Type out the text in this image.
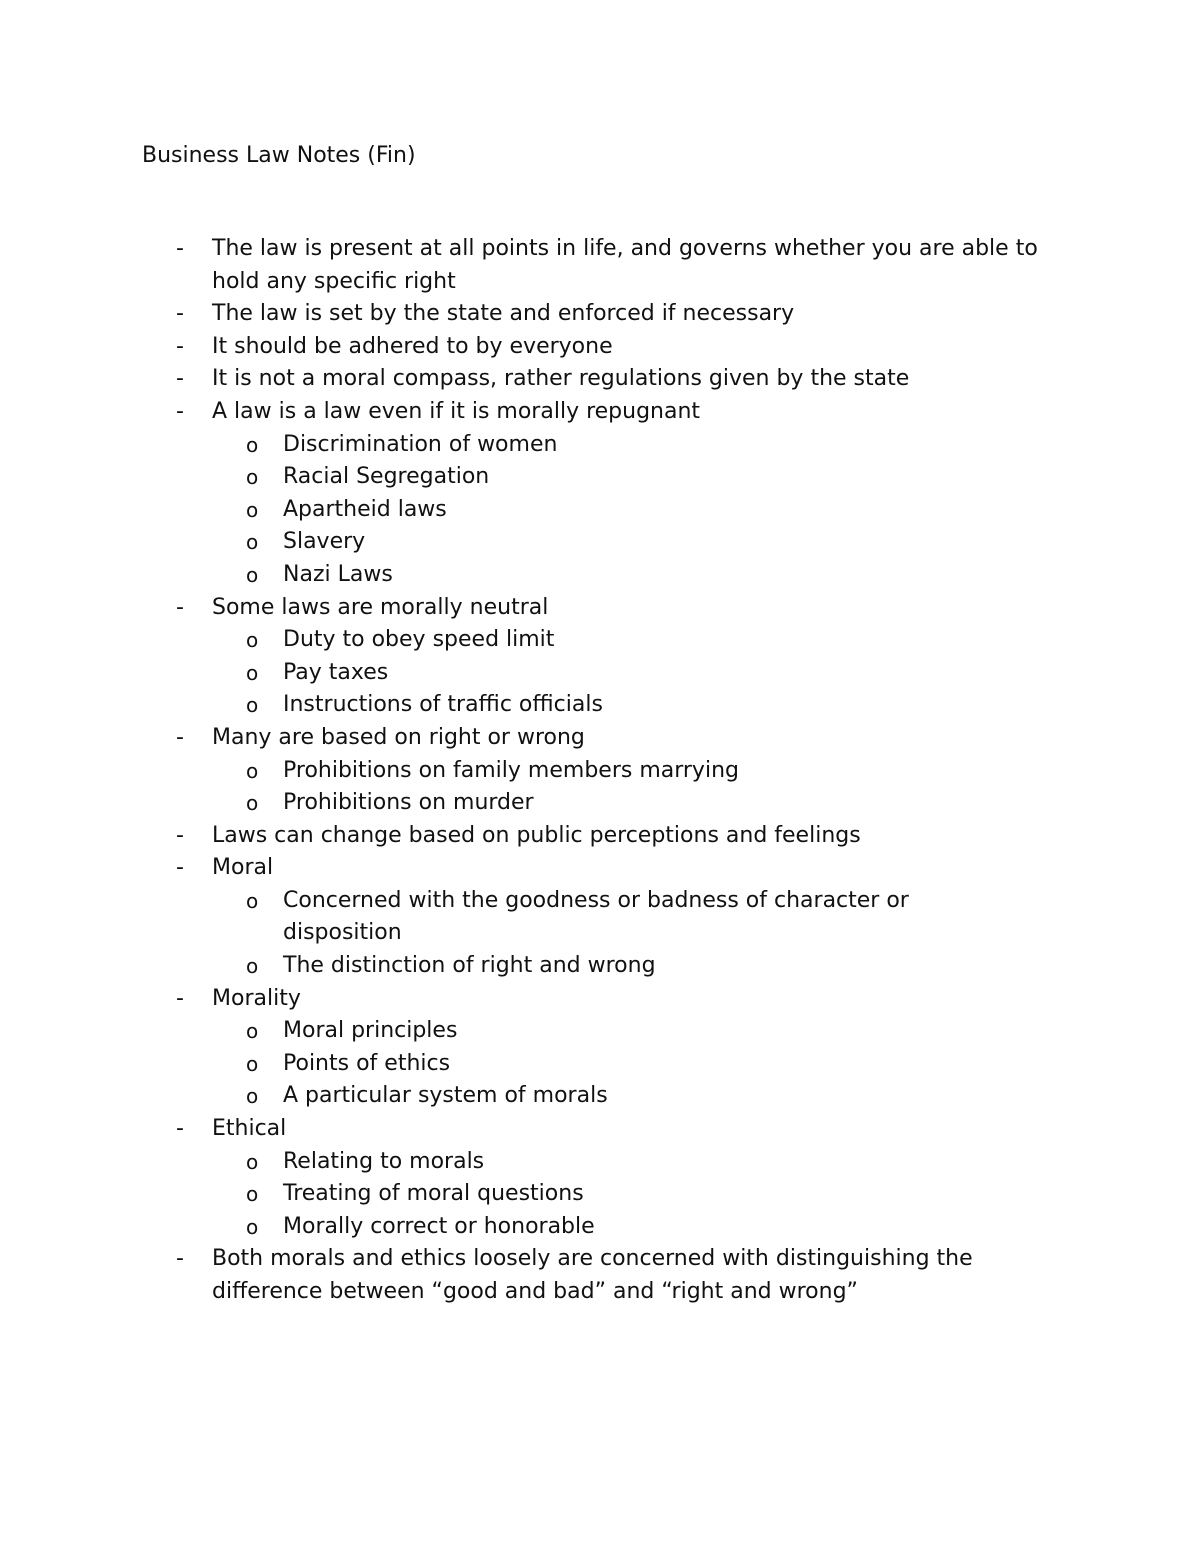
Business Law Notes (Fin)
-	The law is present at all points in life, and governs whether you are able to hold any specific right
-	The law is set by the state and enforced if necessary
-	It should be adhered to by everyone
-	It is not a moral compass, rather regulations given by the state
-	A law is a law even if it is morally repugnant
o	Discrimination of women
o	Racial Segregation
o	Apartheid laws
o	Slavery
o	Nazi Laws
-	Some laws are morally neutral
o	Duty to obey speed limit
o	Pay taxes
o	Instructions of traffic officials
-	Many are based on right or wrong
o	Prohibitions on family members marrying
o	Prohibitions on murder
-	Laws can change based on public perceptions and feelings
-	Moral
o	Concerned with the goodness or badness of character or disposition
o	The distinction of right and wrong
-	Morality
o	Moral principles
o	Points of ethics
o	A particular system of morals
-	Ethical
o	Relating to morals
o	Treating of moral questions
o	Morally correct or honorable
-	Both morals and ethics loosely are concerned with distinguishing the difference between “good and bad” and “right and wrong”
